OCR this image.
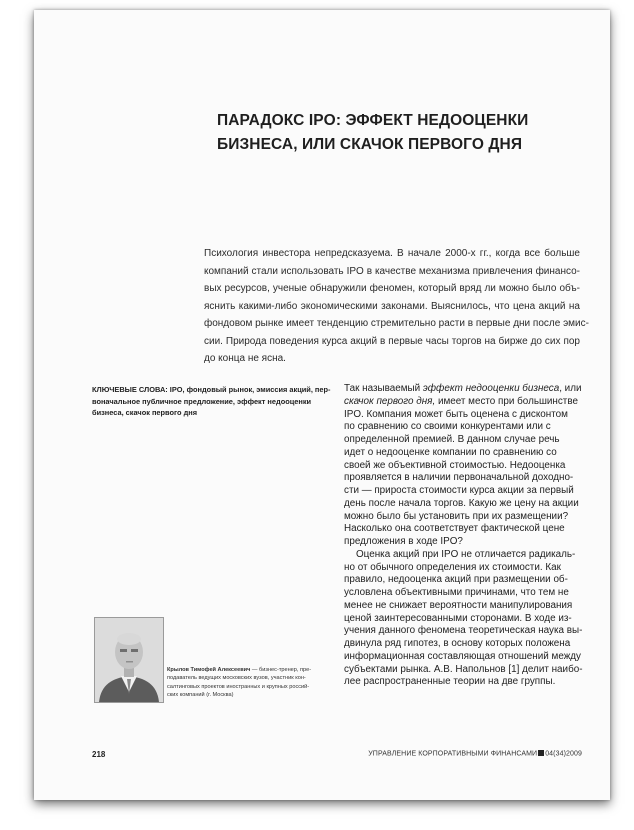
ПАРАДОКС IPO: ЭФФЕКТ НЕДООЦЕНКИ
БИЗНЕСА, ИЛИ СКАЧОК ПЕРВОГО ДНЯ
Психология инвестора непредсказуема. В начале 2000-х гг., когда все больше
компаний стали использовать IPO в качестве механизма привлечения финансо-
вых ресурсов, ученые обнаружили феномен, который вряд ли можно было объ-
яснить какими-либо экономическими законами. Выяснилось, что цена акций на
фондовом рынке имеет тенденцию стремительно расти в первые дни после эмис-
сии. Природа поведения курса акций в первые часы торгов на бирже до сих пор
до конца не ясна.
КЛЮЧЕВЫЕ СЛОВА: IPO, фондовый рынок, эмиссия акций, пер-
воначальное публичное предложение, эффект недооценки
бизнеса, скачок первого дня
Так называемый эффект недооценки бизнеса, или
скачок первого дня, имеет место при большинстве
IPO. Компания может быть оценена с дисконтом
по сравнению со своими конкурентами или с
определенной премией. В данном случае речь
идет о недооценке компании по сравнению со
своей же объективной стоимостью. Недооценка
проявляется в наличии первоначальной доходно-
сти — прироста стоимости курса акции за первый
день после начала торгов. Какую же цену на акции
можно было бы установить при их размещении?
Насколько она соответствует фактической цене
предложения в ходе IPO?
Оценка акций при IPO не отличается радикаль-
но от обычного определения их стоимости. Как
правило, недооценка акций при размещении об-
условлена объективными причинами, что тем не
менее не снижает вероятности манипулирования
ценой заинтересованными сторонами. В ходе из-
учения данного феномена теоретическая наука вы-
двинула ряд гипотез, в основу которых положена
информационная составляющая отношений между
субъектами рынка. А.В. Напольнов [1] делит наибо-
лее распространенные теории на две группы.
Крылов Тимофей Алексеевич — бизнес-тренер, пре-
подаватель ведущих московских вузов, участник кон-
салтинговых проектов иностранных и крупных россий-
ских компаний (г. Москва)
218	УПРАВЛЕНИЕ КОРПОРАТИВНЫМИ ФИНАНСАМИ 04(34)2009
